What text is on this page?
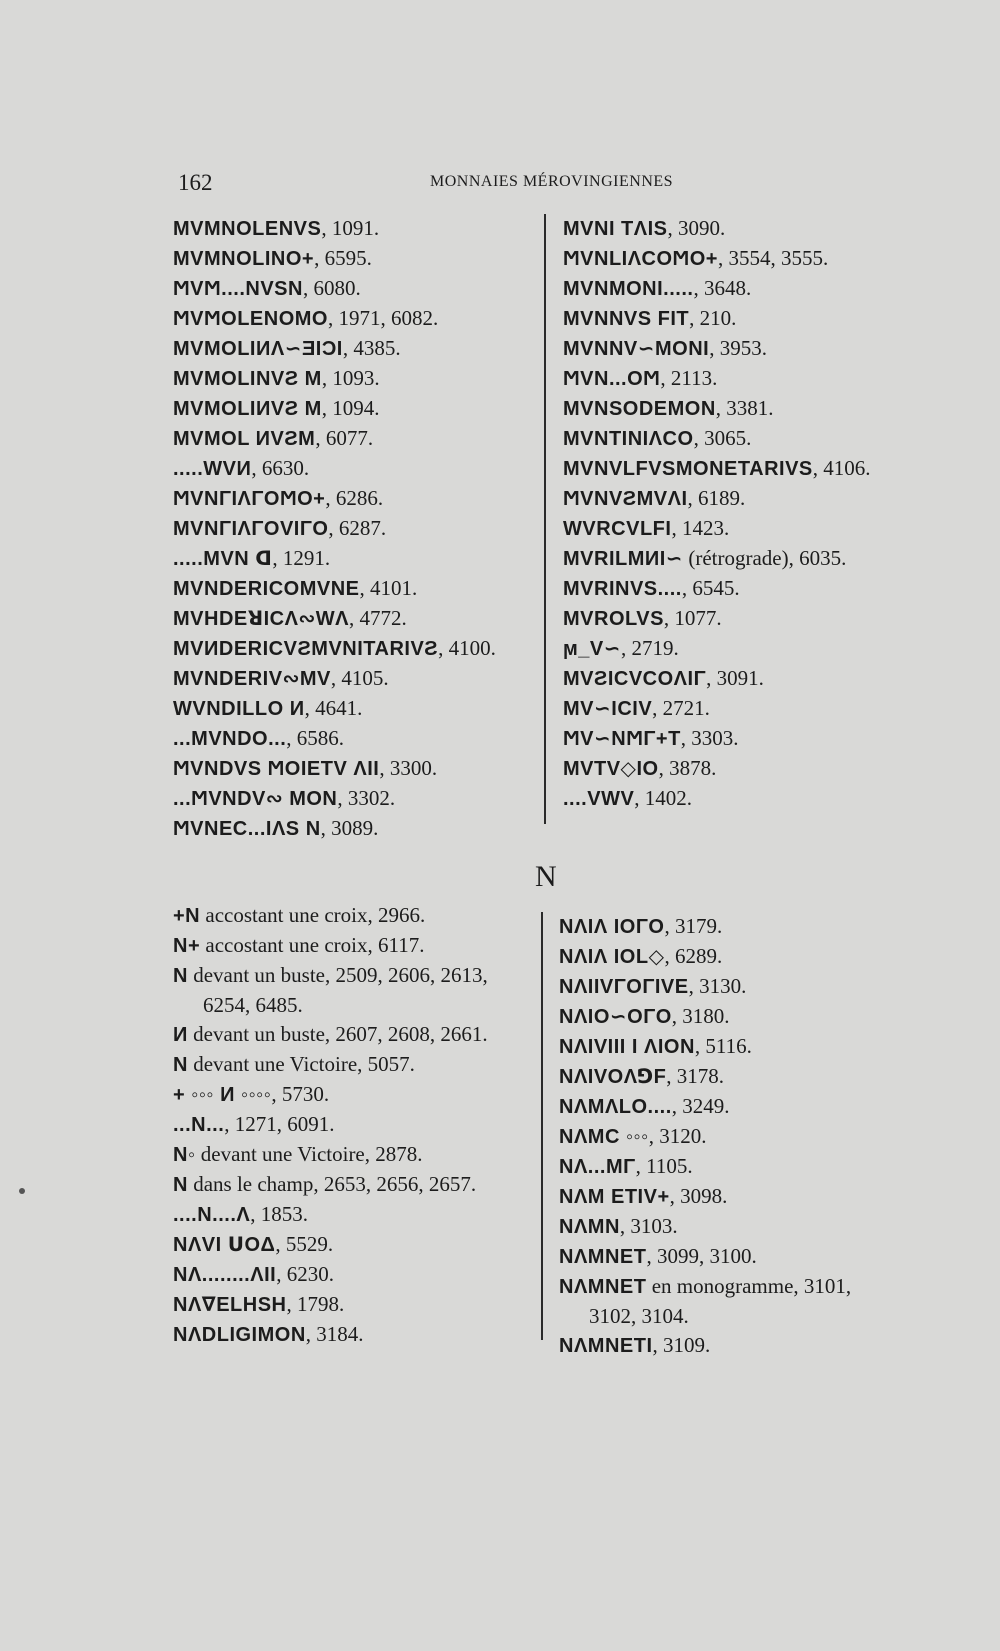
162	MONNAIES MÉROVINGIENNES
MVMNOLENVS, 1091.
MVMNOLINO+, 6595.
ϺVϺ....NVSN, 6080.
ϺVϺOLENOMO, 1971, 6082.
MVMOLIИΛ∽ƎIƆI, 4385.
MVMOLINVƧ M, 1093.
MVMOLIИVƧ M, 1094.
MVMOL ИVƧM, 6077.
.....WVИ, 6630.
ϺVNΓIΛΓOϺO+, 6286.
MVNΓIΛΓOVIΓO, 6287.
.....MVN ᗡ, 1291.
MVNDERICOMVNE, 4101.
MVHDEꓤICΛ∾WΛ, 4772.
MVИDERICVƧMVNITARIVƧ, 4100.
MVNDERIV∾MV, 4105.
WVNDILLO И, 4641.
...MVNDO..., 6586.
ϺVNDVS ϺOIETV ΛII, 3300.
...ϺVNDV∾ MON, 3302.
ϺVNEC...IΛS N, 3089.
MVNI TΛIS, 3090.
ϺVNLIΛCOϺO+, 3554, 3555.
MVNMONI....., 3648.
MVNNVS FIT, 210.
MVNNV∽MONI, 3953.
ϺVN...OϺ, 2113.
MVNSODEMON, 3381.
MVNTINIΛCO, 3065.
MVNVLFVSMONETARIVS, 4106.
ϺVNVƧMVΛI, 6189.
WVRCVLFI, 1423.
MVRILMИI∽ (rétrograde), 6035.
MVRINVS...., 6545.
MVROLVS, 1077.
ϻ_V∽, 2719.
MVƧICVCOΛIΓ, 3091.
MV∽ICIV, 2721.
ϺV∽NϺΓ+T, 3303.
MVTV◇IO, 3878.
....VWV, 1402.
N
+N accostant une croix, 2966.
N+ accostant une croix, 6117.
N devant un buste, 2509, 2606, 2613,
6254, 6485.
И devant un buste, 2607, 2608, 2661.
N devant une Victoire, 5057.
+ ◦◦◦ И ◦◦◦◦, 5730.
...N..., 1271, 6091.
N◦ devant une Victoire, 2878.
N dans le champ, 2653, 2656, 2657.
....N....Λ, 1853.
NΛVI ᑌOΔ, 5529.
NΛ........ΛII, 6230.
NΛ∇ELHSH, 1798.
NΛDLIGIMON, 3184.
NΛIΛ IOΓO, 3179.
NΛIΛ IOL◇, 6289.
NΛIIVΓOΓIVE, 3130.
NΛIO∽OΓO, 3180.
NΛIVIII I ΛION, 5116.
NΛIVOΛ⅁F, 3178.
NΛMΛLO...., 3249.
NΛMC ◦◦◦, 3120.
NΛ...MΓ, 1105.
NΛM ETIV+, 3098.
NΛMN, 3103.
NΛMNET, 3099, 3100.
NΛMNET en monogramme, 3101,
3102, 3104.
NΛMNETI, 3109.
